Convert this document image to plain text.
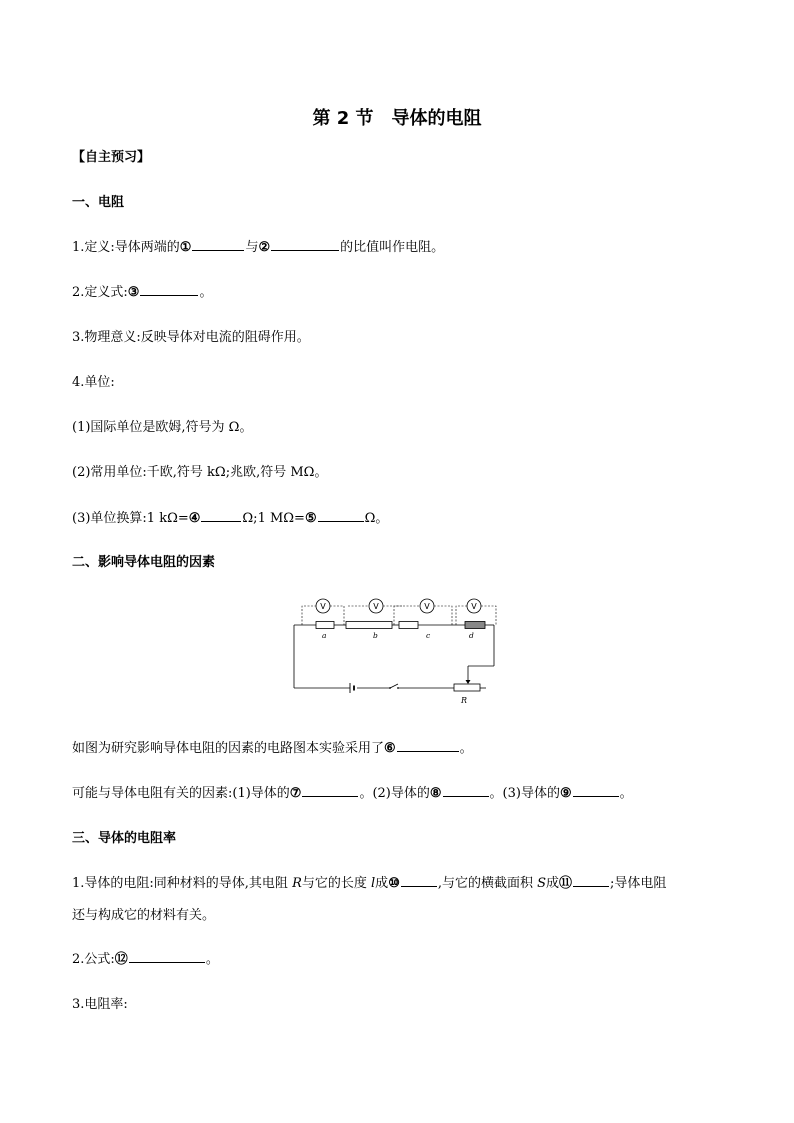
第 2 节 导体的电阻
【自主预习】
一、电阻
1.定义:导体两端的①	与②	的比值叫作电阻。
2.定义式:③	。
3.物理意义:反映导体对电流的阻碍作用。
4.单位:
(1)国际单位是欧姆,符号为 Ω。
(2)常用单位:千欧,符号 kΩ;兆欧,符号 MΩ。
(3)单位换算:1 kΩ=④	Ω;1 MΩ=⑤	Ω。
二、影响导体电阻的因素
R
a	b	c	d
V	V	V	V
如图为研究影响导体电阻的因素的电路图本实验采用了⑥	。
可能与导体电阻有关的因素:(1)导体的⑦	。(2)导体的⑧	。(3)导体的⑨	。
三、导体的电阻率
1.导体的电阻:同种材料的导体,其电阻 R与它的长度 l成⑩	,与它的横截面积 S成⑪	;导体电阻
还与构成它的材料有关。
2.公式:⑫	。
3.电阻率:
